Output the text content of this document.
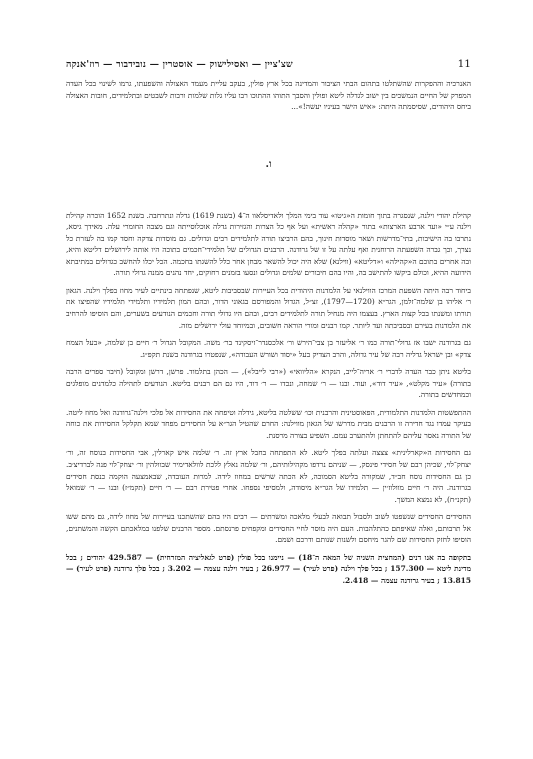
שצ'ציין — ואסילישוק — אוסטרין — נובידבור — רוז'אנקה	11

האנרכיה וההפקרות שהשתלטו בתהום הבתי הציבור והמדינה בכל ארץ פולין, בעקב עליית מעמד האצולה והשפעתו, גרמו לשינוי בכל העדה המפרק של החיים הנמשכים בין ישוב לגדלה ליטא ופולין והסבך התוהו ההתוכו רבו עליו גלות שלמות ורבות לשבטים ובתלמידים, חובות האצולה ביחס היהודים, שסיסמתה היתה: «איש הישר בעיניו יעשה!»...

ו.

קהילת יהודי וילנה, שנסגרה בתוך חומות ה«גיטו» עוד בימי המלך ולאדיסלאוו ה־4 (בשנת 1619) גדלה ונתרחבה. בשנת 1652 הוכרה קהילת וילנה ע״י «ועד ארבע הארצות» בתור «קהלה ראשית» ועל אף כל הצרות והגזירות גדלה אוכלוסייתה וגם מצבה החומרי עלה. מאידך גיסא, נתרבו בה הישיבות, בתי־מדרשות ושאר מוסדות חינוך, בהם הרביצו תורה לתלמידים רבים וגדולים. גם מוסדות צדקה וחסד קמו בה לעזרת כל נצרך, וכך גברה השפעתה הרוחנית ואף עלתה על זו של גרודנה. הרבנים הגדולים של תלמידי־חכמים בתוכה היו אותה לירושלים דליטא והיא, ובה אחרים בתוכם ה«קהילה» ו«דליטא» (ווילנא) שלא היה יכול להשאר מבחן אחר כלל להשגתו בחכמה. הכל יכלו להחשב כגדולים במתיבתא הידועה ההיא, וכולם ביקשו להתישב בה, והיו בהם חיבורים שלמים וגדולים ונסעו בזמנים רחוקים, יחד נהנים ממנה גדולי תורה.

ביחוד רבה היתה השפעת המרכז הווילנאי על הלמדנות היהודית בכל העיירות שבסביבות ליטא, שנפתחה בינתיים לעיר מחוז בפלך וילנה. הגאון ר׳ אליהו בן שלמה־זלמן, הגר״א (1720—1797), זצ״ל, הגדול והמפורסם בגאוני הדור, ובהם המון תלמידיו ותלמידי תלמידיו שהפיצו את תורתו ומשנתו בכל קצות הארץ. בעצמו היה מנחיל תורה לתלמידים רבים, ובהם היו גדולי תורה וחכמים הנודעים בשערים, והם הוסיפו להרחיב את הלמדנות בעירם ובסביבתה ועד ליותר. קמו רבנים ומורי הוראה חשובים, ובמיוחד עולי ירושלים מזה.

גם בגרודנה ישבו אז גדולי־תורה כמו ר׳ אליעזר בן צבי־הירש ור׳ אלכסנדר־זיסקינד בר׳ משה. המקובל הגדול ר׳ חיים בן שלמה, «בעל הצמח צדק» ובן ישראל גדליה רבה של עיר גדולה, והרב הצדיק בעל «יסוד ושורש העבודה», שנפטרו בגרודנה בשנת תקפ״ג.

בליטא ניתן כבר העדה לדברי ר׳ אריה־לייב, הנקרא «הליוואי» («רבי לייבל»), — הכהן בתלמוד. פרשן, דרשן ומקובל (חיבר ספרים הרבה בתורה) «עיר מקלט», «עיר דוד», ועוד. ובנו — ר׳ שמחה, ונכדו — ר׳ דוד, היו גם הם רבנים בליטא. הנודעים לתהילה כלמדנים מופלגים וכמחדשים בתורה.

ההתפשטות הלמדנות התלמודית, הפאוסטינית והרבנית וכו׳ ששלטה בליטא, גידלה וטיפחה את החסידות אל פלכי וילנה־גרודנה ואל מחוז ליטה. בעיקר עמדו נגד חדירה זו הרבנים מבית מדרשו של הגאון מווילנה: החרם שהטיל הגר״א על החסידים מפחד שמא תקלקל החסידות את כוחה של התורה נאסר עליהם להתחתן ולהתערב עמם. השפיע בצורה מרסנת.

גם החסידות ה«קארלינית» צצצה ועלתה בפלך ליטא. לא התפתחה בחבל ארץ זה. ר׳ שלמה איש קארלין, אבי החסידות בנוסח זה, ור׳ יצחק־לוי, שכיהן רבם של חסידי פינסק, — שניהם נרדפו מקהילותיהם, ור׳ שלמה נאלץ ללכת לוולאדימיר שבוולהין ור׳ יצחק־לוי פנה לברדיצ׳ב. כן גם החסידות נוסח חב״ד, שמקורה בליטא הסמוכה, לא הכתה שרשים במחוז לידה. למרות העובדה, שבאמצעה הוקמה כנסת חסידים בגרודנה. היה ר׳ חיים מוולוז׳ין — תלמידו של הגר״א מיסודה, ולמסיפי נספחו. אחרי פטירת רבם — ר׳ חיים (תקמ״ז) ובנו — ר׳ שמואל (תקנ״ח), לא נמצא המשך.

החסידים החסידים שנשפטו לשוב ולסבול תבואה לבעלי מלאכה ומשרתים — רבים היו בהם שהשתכנו בעיירות של מחוז לידה, גם מהם ששו אל תרבותם, ואלה שאיפתם כהתלהבות. העם היה מוסר לחיי החסידים ומקפחים פרנסתם. מספר הרבנים שלפנו במלאכתם הקשה והמשתנים, הוסיפו לחזק החסידות שם להגר מיחסם ולשנות שנותם ודרכם ושמם.

בתקופה בה אנו דנים (המחצית השניה של המאה ה־18) — ניימנו בכל פולין (פרט לגאליציה המזרחית) — 429.587 יהודים ; בכל מדינת ליטא — 157.300 ; בכל פלך וילנה (פרט לעיר) — 26.977 ; בעיר וילנה עצמה — 3.202 ; בכל פלך גרודנה (פרט לעיר) — 13.815 ; בעיר גרודנה עצמה — 2.418.
